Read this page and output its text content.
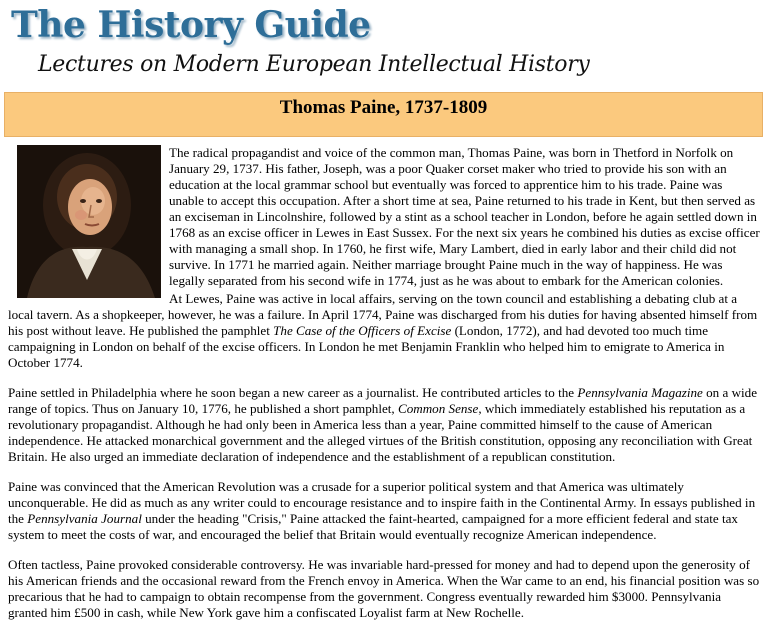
The History Guide
Lectures on Modern European Intellectual History
Thomas Paine, 1737-1809

The radical propagandist and voice of the common man, Thomas Paine, was born in Thetford in Norfolk on January 29, 1737. His father, Joseph, was a poor Quaker corset maker who tried to provide his son with an education at the local grammar school but eventually was forced to apprentice him to his trade. Paine was unable to accept this occupation. After a short time at sea, Paine returned to his trade in Kent, but then served as an exciseman in Lincolnshire, followed by a stint as a school teacher in London, before he again settled down in 1768 as an excise officer in Lewes in East Sussex. For the next six years he combined his duties as excise officer with managing a small shop. In 1760, he first wife, Mary Lambert, died in early labor and their child did not survive. In 1771 he married again. Neither marriage brought Paine much in the way of happiness. He was legally separated from his second wife in 1774, just as he was about to embark for the American colonies.

At Lewes, Paine was active in local affairs, serving on the town council and establishing a debating club at a local tavern. As a shopkeeper, however, he was a failure. In April 1774, Paine was discharged from his duties for having absented himself from his post without leave. He published the pamphlet The Case of the Officers of Excise (London, 1772), and had devoted too much time campaigning in London on behalf of the excise officers. In London he met Benjamin Franklin who helped him to emigrate to America in October 1774.

Paine settled in Philadelphia where he soon began a new career as a journalist. He contributed articles to the Pennsylvania Magazine on a wide range of topics. Thus on January 10, 1776, he published a short pamphlet, Common Sense, which immediately established his reputation as a revolutionary propagandist. Although he had only been in America less than a year, Paine committed himself to the cause of American independence. He attacked monarchical government and the alleged virtues of the British constitution, opposing any reconciliation with Great Britain. He also urged an immediate declaration of independence and the establishment of a republican constitution.

Paine was convinced that the American Revolution was a crusade for a superior political system and that America was ultimately unconquerable. He did as much as any writer could to encourage resistance and to inspire faith in the Continental Army. In essays published in the Pennsylvania Journal under the heading "Crisis," Paine attacked the faint-hearted, campaigned for a more efficient federal and state tax system to meet the costs of war, and encouraged the belief that Britain would eventually recognize American independence.

Often tactless, Paine provoked considerable controversy. He was invariable hard-pressed for money and had to depend upon the generosity of his American friends and the occasional reward from the French envoy in America. When the War came to an end, his financial position was so precarious that he had to campaign to obtain recompense from the government. Congress eventually rewarded him $3000. Pennsylvania granted him £500 in cash, while New York gave him a confiscated Loyalist farm at New Rochelle.
